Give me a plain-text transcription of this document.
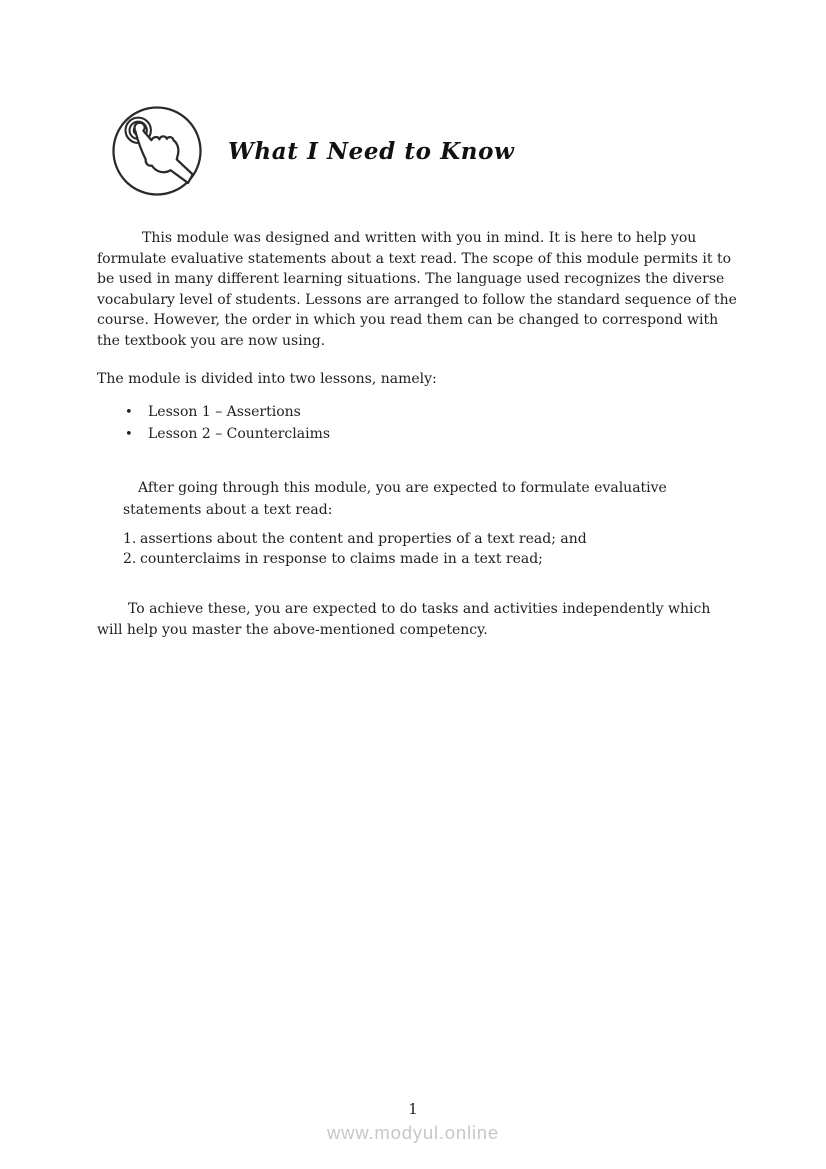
What I Need to Know

This module was designed and written with you in mind. It is here to help you formulate evaluative statements about a text read. The scope of this module permits it to be used in many different learning situations. The language used recognizes the diverse vocabulary level of students. Lessons are arranged to follow the standard sequence of the course. However, the order in which you read them can be changed to correspond with the textbook you are now using.

The module is divided into two lessons, namely:

• Lesson 1 – Assertions
• Lesson 2 – Counterclaims

After going through this module, you are expected to formulate evaluative statements about a text read:

1. assertions about the content and properties of a text read; and
2. counterclaims in response to claims made in a text read;

To achieve these, you are expected to do tasks and activities independently which will help you master the above-mentioned competency.

1
www.modyul.online
